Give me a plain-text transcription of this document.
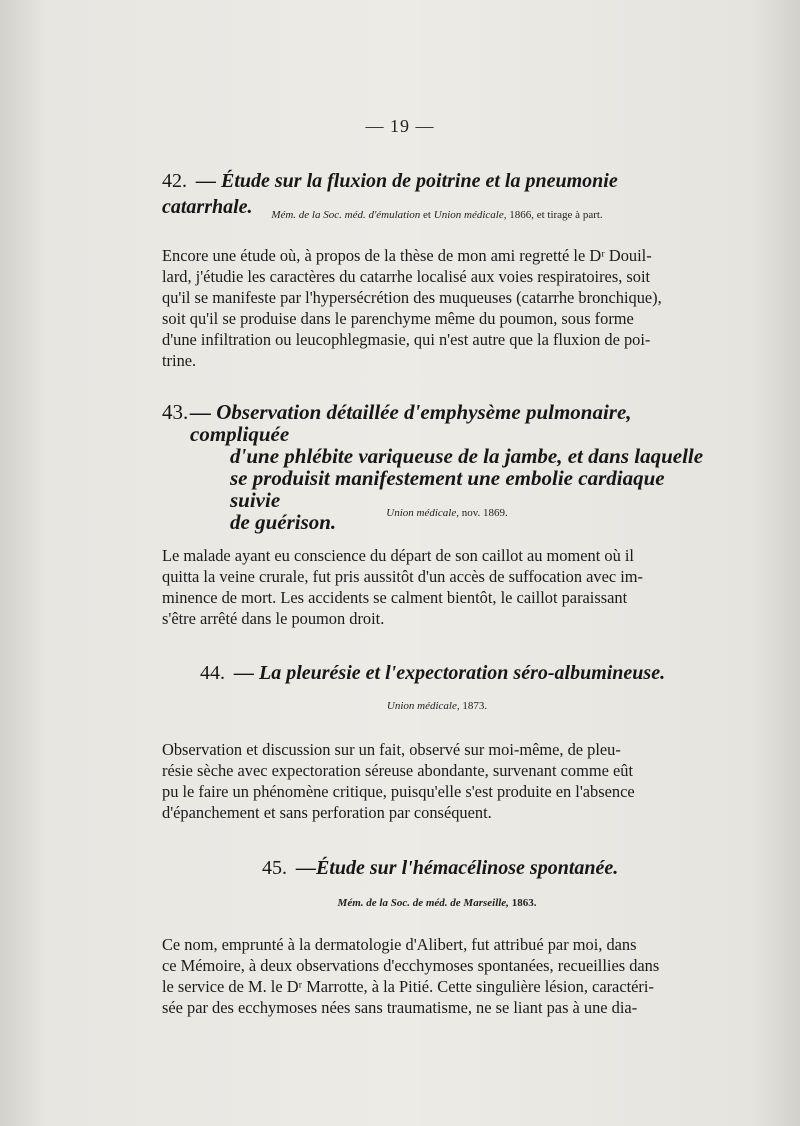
— 19 —
42. — Étude sur la fluxion de poitrine et la pneumonie catarrhale.	Mém. de la Soc. méd. d'émulation et Union médicale, 1866, et tirage à part.

Encore une étude où, à propos de la thèse de mon ami regretté le Dʳ Douil-

lard, j'étudie les caractères du catarrhe localisé aux voies respiratoires, soit

qu'il se manifeste par l'hypersécrétion des muqueuses (catarrhe bronchique),

soit qu'il se produise dans le parenchyme même du poumon, sous forme

d'une infiltration ou leucophlegmasie, qui n'est autre que la fluxion de poi-

trine.

43. — Observation détaillée d'emphysème pulmonaire, compliquée
d'une phlébite variqueuse de la jambe, et dans laquelle
se produisit manifestement une embolie cardiaque suivie
de guérison.	Union médicale, nov. 1869.

Le malade ayant eu conscience du départ de son caillot au moment où il

quitta la veine crurale, fut pris aussitôt d'un accès de suffocation avec im-

minence de mort. Les accidents se calment bientôt, le caillot paraissant

s'être arrêté dans le poumon droit.

44. — La pleurésie et l'expectoration séro-albumineuse.
Union médicale, 1873.

Observation et discussion sur un fait, observé sur moi-même, de pleu-

résie sèche avec expectoration séreuse abondante, survenant comme eût

pu le faire un phénomène critique, puisqu'elle s'est produite en l'absence

d'épanchement et sans perforation par conséquent.

45. —Étude sur l'hémacélinose spontanée.
Mém. de la Soc. de méd. de Marseille, 1863.

Ce nom, emprunté à la dermatologie d'Alibert, fut attribué par moi, dans

ce Mémoire, à deux observations d'ecchymoses spontanées, recueillies dans

le service de M. le Dʳ Marrotte, à la Pitié. Cette singulière lésion, caractéri-

sée par des ecchymoses nées sans traumatisme, ne se liant pas à une dia-
